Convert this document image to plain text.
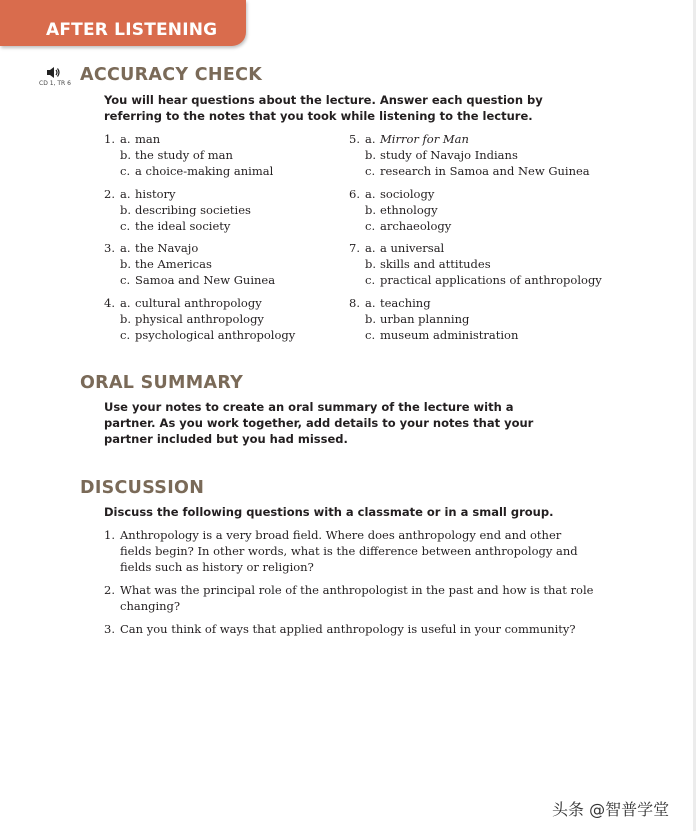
AFTER LISTENING
CD 1, TR 6 ACCURACY CHECK
You will hear questions about the lecture. Answer each question by referring to the notes that you took while listening to the lecture.
1. a. man
b. the study of man
c. a choice-making animal
2. a. history
b. describing societies
c. the ideal society
3. a. the Navajo
b. the Americas
c. Samoa and New Guinea
4. a. cultural anthropology
b. physical anthropology
c. psychological anthropology
5. a. Mirror for Man
b. study of Navajo Indians
c. research in Samoa and New Guinea
6. a. sociology
b. ethnology
c. archaeology
7. a. a universal
b. skills and attitudes
c. practical applications of anthropology
8. a. teaching
b. urban planning
c. museum administration
ORAL SUMMARY
Use your notes to create an oral summary of the lecture with a partner. As you work together, add details to your notes that your partner included but you had missed.
DISCUSSION
Discuss the following questions with a classmate or in a small group.
1. Anthropology is a very broad field. Where does anthropology end and other fields begin? In other words, what is the difference between anthropology and fields such as history or religion?
2. What was the principal role of the anthropologist in the past and how is that role changing?
3. Can you think of ways that applied anthropology is useful in your community?
头条 @智普学堂
